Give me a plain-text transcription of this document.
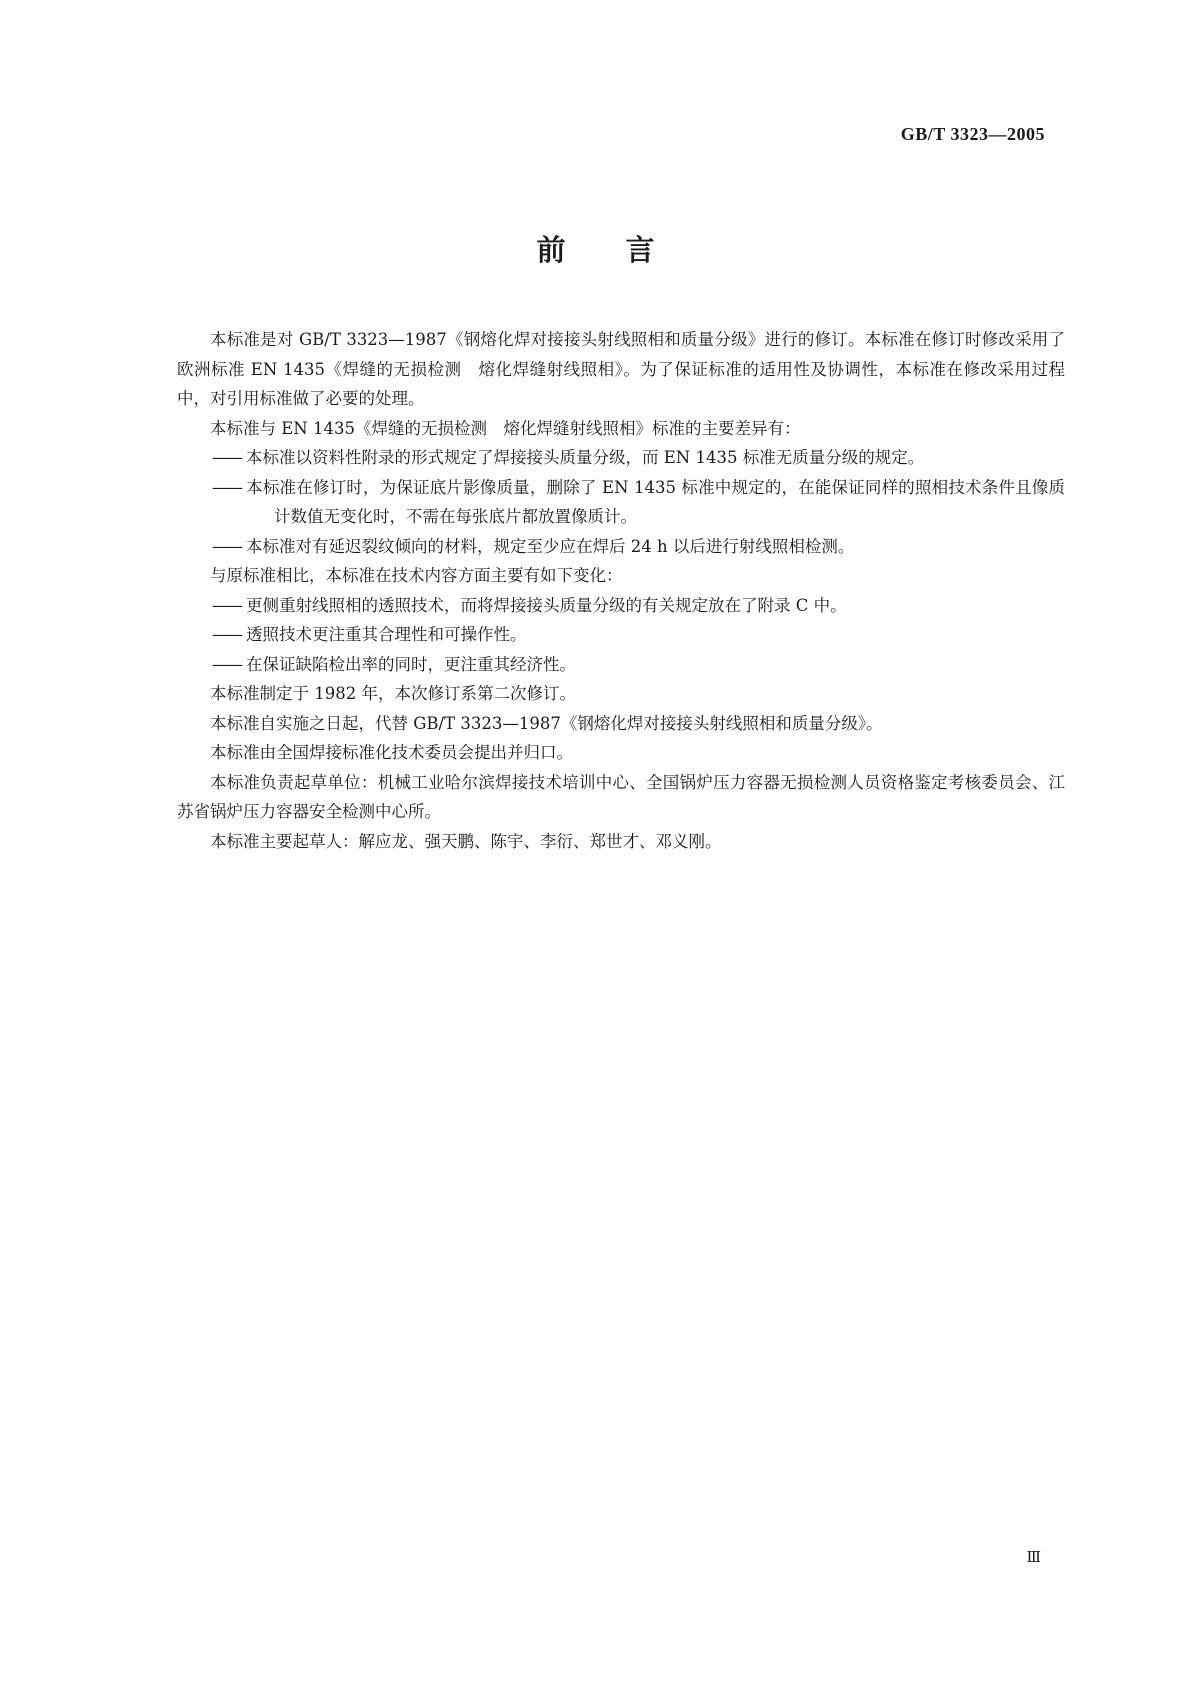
GB/T 3323—2005
前言

本标准是对 GB/T 3323—1987《钢熔化焊对接接头射线照相和质量分级》进行的修订。本标准在修订时修改采用了欧洲标准 EN 1435《焊缝的无损检测　熔化焊缝射线照相》。为了保证标准的适用性及协调性，本标准在修改采用过程中，对引用标准做了必要的处理。

本标准与 EN 1435《焊缝的无损检测　熔化焊缝射线照相》标准的主要差异有：

—— 本标准以资料性附录的形式规定了焊接接头质量分级，而 EN 1435 标准无质量分级的规定。

—— 本标准在修订时，为保证底片影像质量，删除了 EN 1435 标准中规定的，在能保证同样的照相技术条件且像质计数值无变化时，不需在每张底片都放置像质计。

—— 本标准对有延迟裂纹倾向的材料，规定至少应在焊后 24 h 以后进行射线照相检测。

与原标准相比，本标准在技术内容方面主要有如下变化：

—— 更侧重射线照相的透照技术，而将焊接接头质量分级的有关规定放在了附录 C 中。

—— 透照技术更注重其合理性和可操作性。

—— 在保证缺陷检出率的同时，更注重其经济性。

本标准制定于 1982 年，本次修订系第二次修订。

本标准自实施之日起，代替 GB/T 3323—1987《钢熔化焊对接接头射线照相和质量分级》。

本标准由全国焊接标准化技术委员会提出并归口。

本标准负责起草单位：机械工业哈尔滨焊接技术培训中心、全国锅炉压力容器无损检测人员资格鉴定考核委员会、江苏省锅炉压力容器安全检测中心所。

本标准主要起草人：解应龙、强天鹏、陈宇、李衍、郑世才、邓义刚。

Ⅲ
